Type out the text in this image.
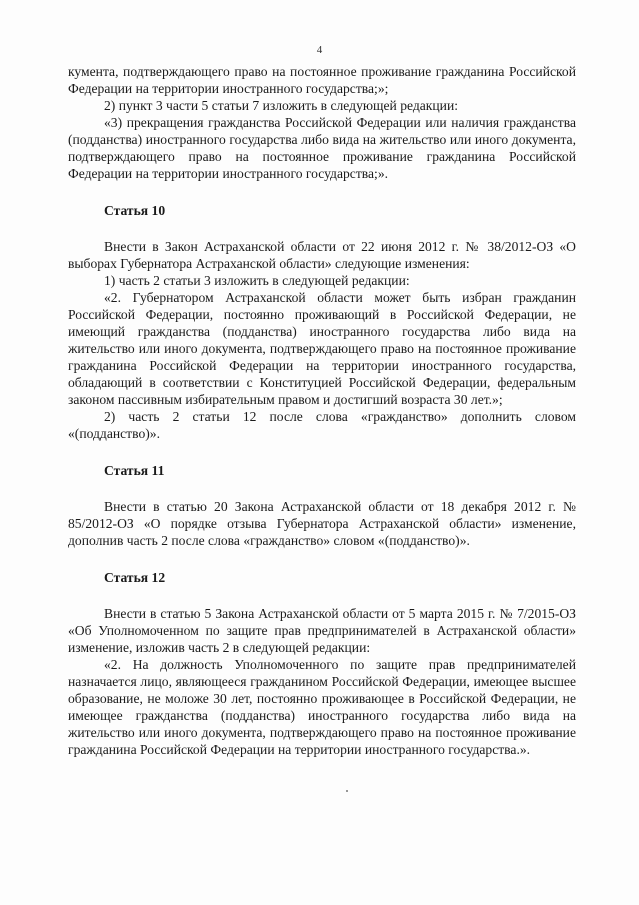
4

кумента, подтверждающего право на постоянное проживание гражданина Российской Федерации на территории иностранного государства;»;

2) пункт 3 части 5 статьи 7 изложить в следующей редакции:

«3) прекращения гражданства Российской Федерации или наличия гражданства (подданства) иностранного государства либо вида на жительство или иного документа, подтверждающего право на постоянное проживание гражданина Российской Федерации на территории иностранного государства;».

Статья 10

Внести в Закон Астраханской области от 22 июня 2012 г. № 38/2012-ОЗ «О выборах Губернатора Астраханской области» следующие изменения:

1) часть 2 статьи 3 изложить в следующей редакции:

«2. Губернатором Астраханской области может быть избран гражданин Российской Федерации, постоянно проживающий в Российской Федерации, не имеющий гражданства (подданства) иностранного государства либо вида на жительство или иного документа, подтверждающего право на постоянное проживание гражданина Российской Федерации на территории иностранного государства, обладающий в соответствии с Конституцией Российской Федерации, федеральным законом пассивным избирательным правом и достигший возраста 30 лет.»;

2) часть 2 статьи 12 после слова «гражданство» дополнить словом «(подданство)».

Статья 11

Внести в статью 20 Закона Астраханской области от 18 декабря 2012 г. № 85/2012-ОЗ «О порядке отзыва Губернатора Астраханской области» изменение, дополнив часть 2 после слова «гражданство» словом «(подданство)».

Статья 12

Внести в статью 5 Закона Астраханской области от 5 марта 2015 г. № 7/2015-ОЗ «Об Уполномоченном по защите прав предпринимателей в Астраханской области» изменение, изложив часть 2 в следующей редакции:

«2. На должность Уполномоченного по защите прав предпринимателей назначается лицо, являющееся гражданином Российской Федерации, имеющее высшее образование, не моложе 30 лет, постоянно проживающее в Российской Федерации, не имеющее гражданства (подданства) иностранного государства либо вида на жительство или иного документа, подтверждающего право на постоянное проживание гражданина Российской Федерации на территории иностранного государства.».
